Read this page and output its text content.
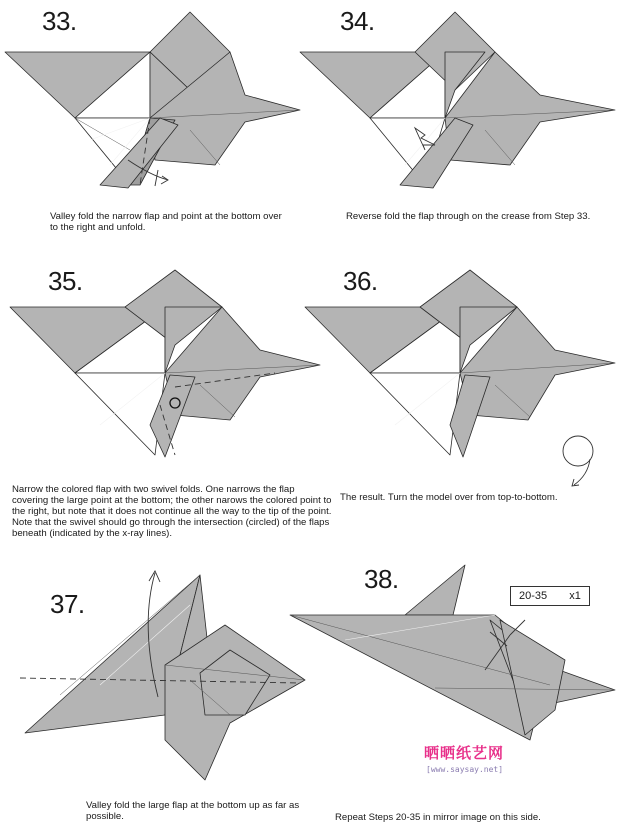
33.
Valley fold the narrow flap and point at the bottom over to the right and unfold.
34.
Reverse fold the flap through on the crease from Step 33.
35.
Narrow the colored flap with two swivel folds. One narrows the flap covering the large point at the bottom; the other narows the colored point to the right, but note that it does not continue all the way to the tip of the point. Note that the swivel should go through the intersection (circled) of the flaps beneath (indicated by the x-ray lines).
36.
The result. Turn the model over from top-to-bottom.
37.
Valley fold the large flap at the bottom up as far as possible.
38.
20-35 x1
晒晒纸艺网
[www.saysay.net]
Repeat Steps 20-35 in mirror image on this side.
